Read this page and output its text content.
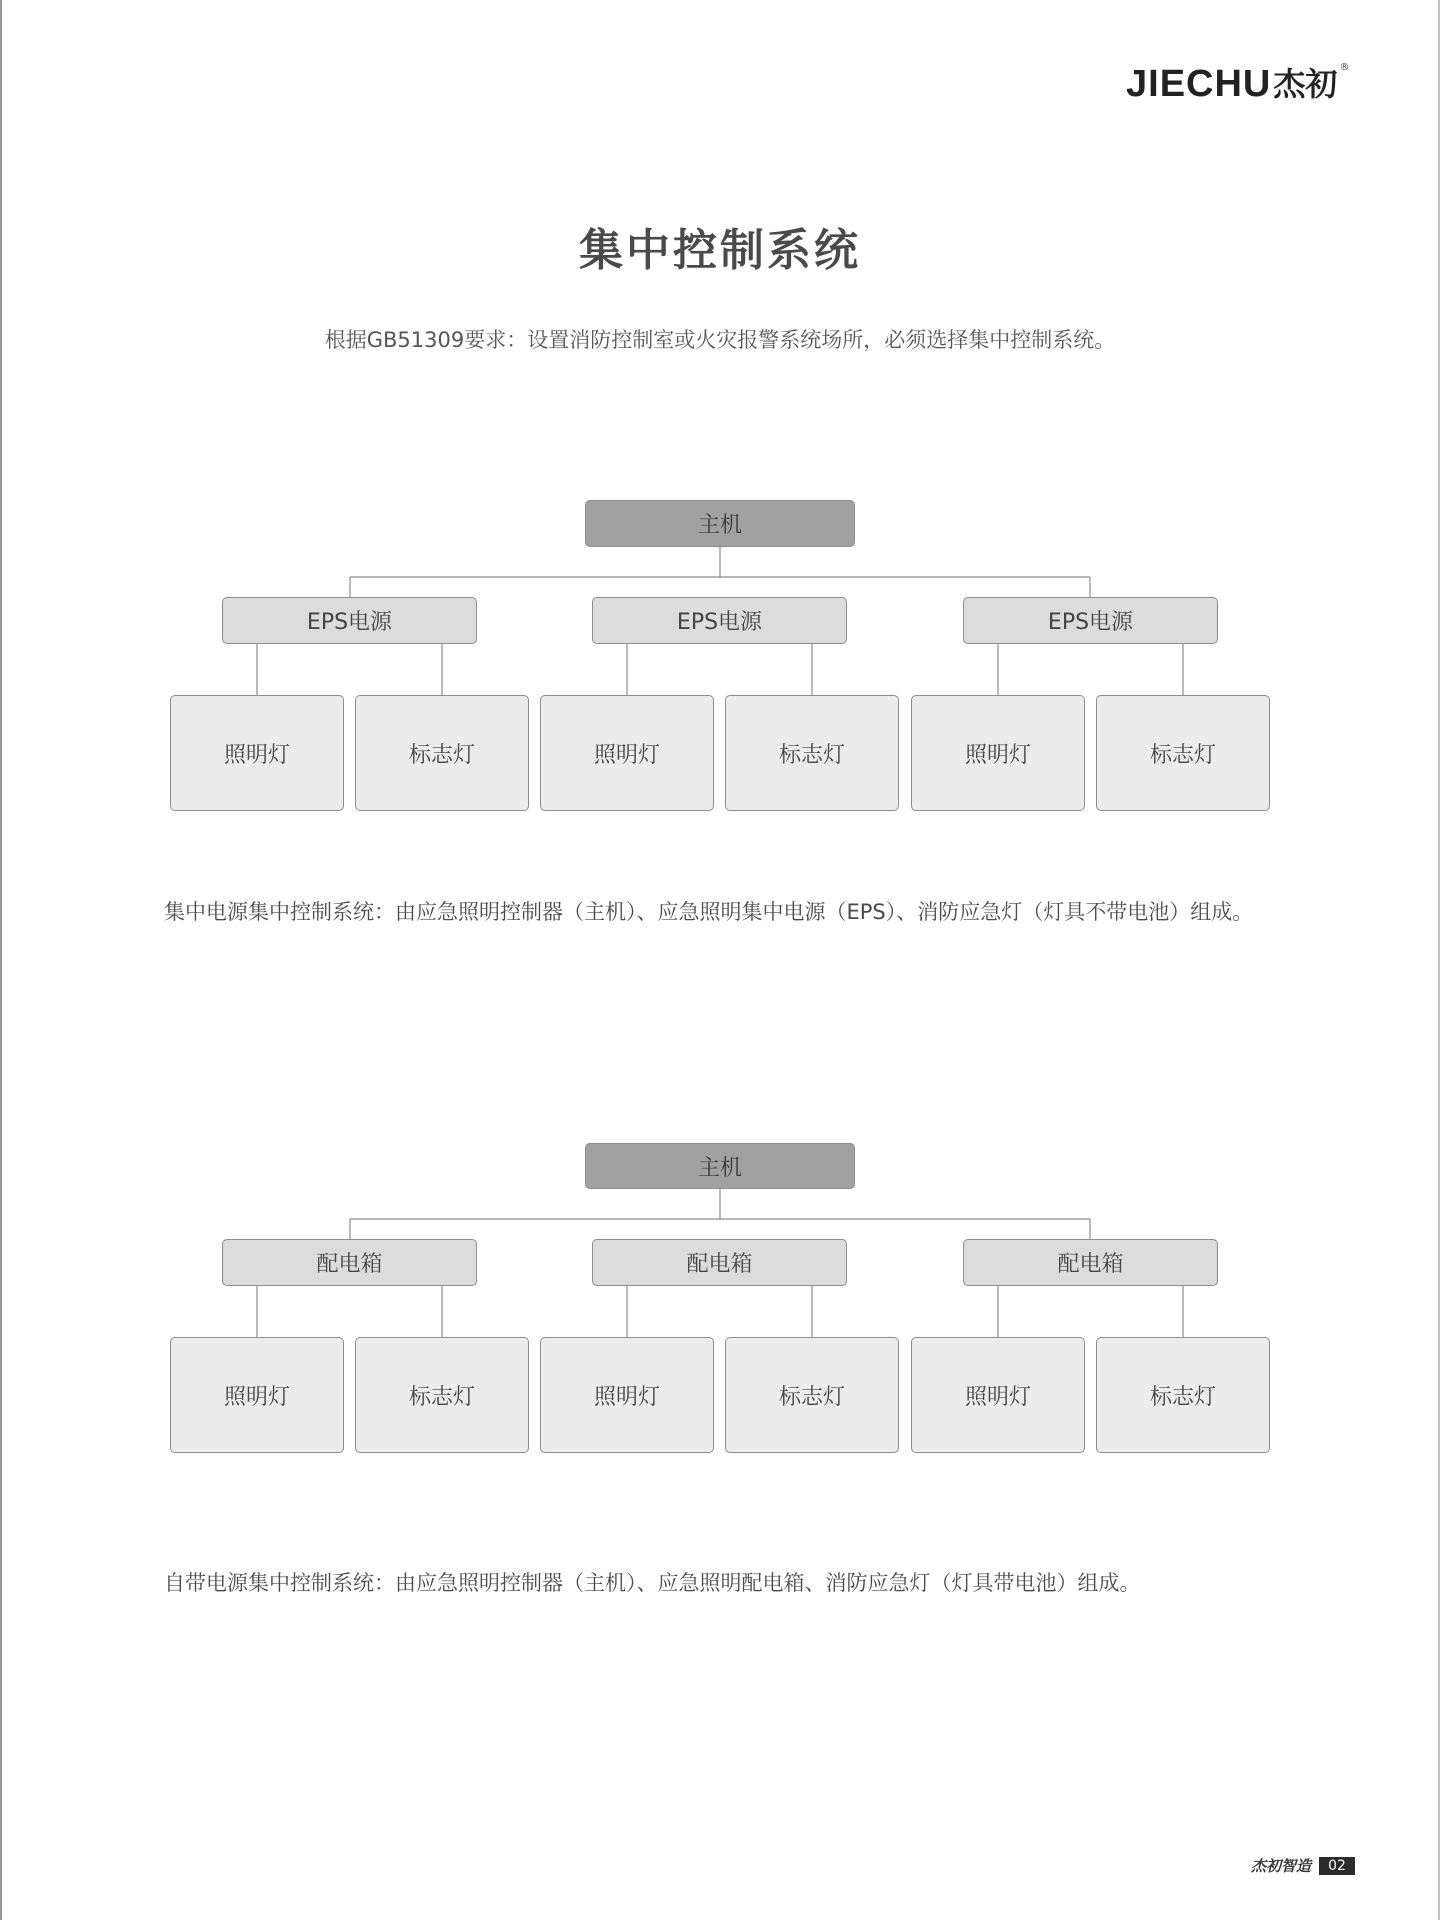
JIECHU 杰初 ®
集中控制系统
根据GB51309要求：设置消防控制室或火灾报警系统场所，必须选择集中控制系统。
主机
EPS电源	EPS电源	EPS电源
照明灯	标志灯	照明灯	标志灯	照明灯	标志灯
集中电源集中控制系统：由应急照明控制器（主机）、应急照明集中电源（EPS）、消防应急灯（灯具不带电池）组成。
主机
配电箱	配电箱	配电箱
照明灯	标志灯	照明灯	标志灯	照明灯	标志灯
自带电源集中控制系统：由应急照明控制器（主机）、应急照明配电箱、消防应急灯（灯具带电池）组成。
杰初智造	02
